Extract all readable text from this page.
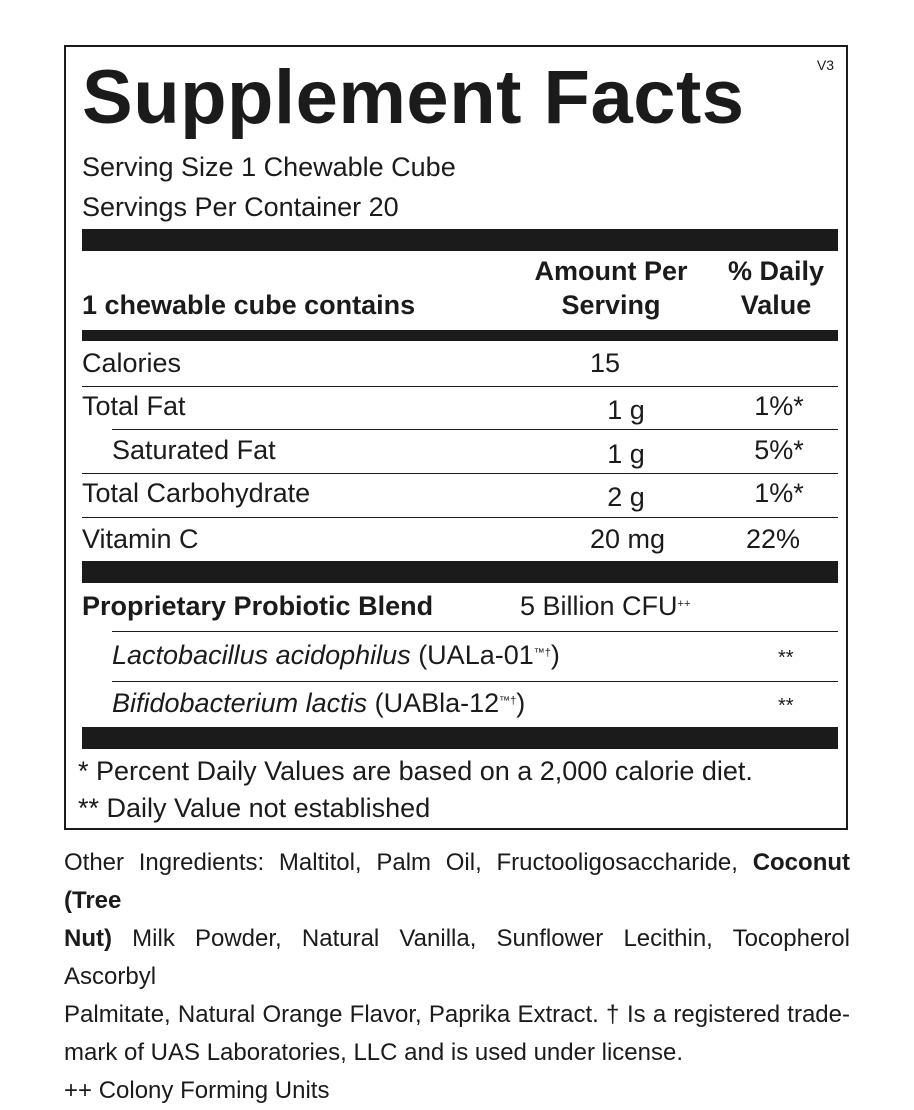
Supplement Facts	V3
Serving Size 1 Chewable Cube
Servings Per Container 20
1 chewable cube contains
Amount Per
Serving
% Daily
Value
Calories	15
Total Fat	1 g	1%*
Saturated Fat	1 g	5%*
Total Carbohydrate	2 g	1%*
Vitamin C	20 mg	22%
Proprietary Probiotic Blend	5 Billion CFU++
Lactobacillus acidophilus (UALa-01™†)	**
Bifidobacterium lactis (UABla-12™†)	**
* Percent Daily Values are based on a 2,000 calorie diet.
** Daily Value not established

Other Ingredients: Maltitol, Palm Oil, Fructooligosaccharide, Coconut (Tree

Nut) Milk Powder, Natural Vanilla, Sunflower Lecithin, Tocopherol Ascorbyl

Palmitate, Natural Orange Flavor, Paprika Extract. † Is a registered trade-

mark of UAS Laboratories, LLC and is used under license.

++ Colony Forming Units
